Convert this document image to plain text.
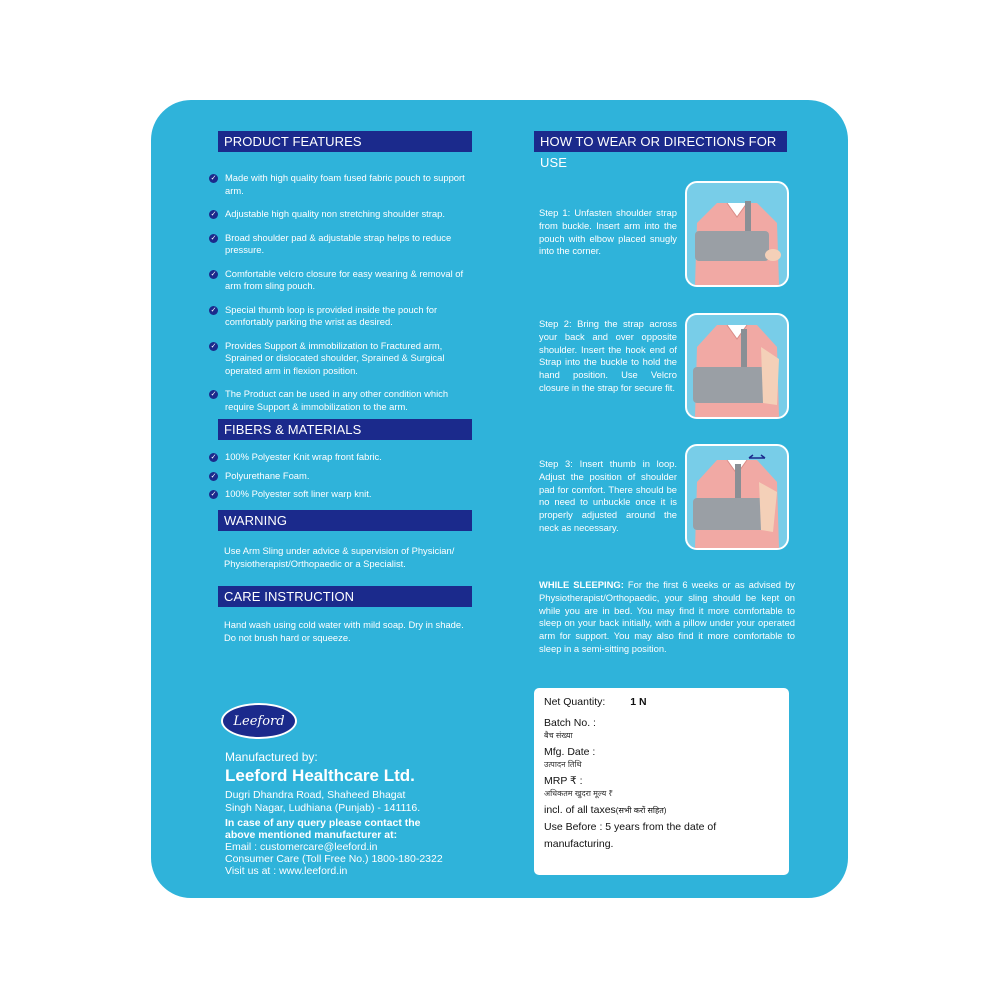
PRODUCT FEATURES
✓ Made with high quality foam fused fabric pouch to support arm.
✓ Adjustable high quality non stretching shoulder strap.
✓ Broad shoulder pad & adjustable strap helps to reduce pressure.
✓ Comfortable velcro closure for easy wearing & removal of arm from sling pouch.
✓ Special thumb loop is provided inside the pouch for comfortably parking the wrist as desired.
✓ Provides Support & immobilization to Fractured arm, Sprained or dislocated shoulder, Sprained & Surgical operated arm in flexion position.
✓ The Product can be used in any other condition which require Support & immobilization to the arm.
FIBERS & MATERIALS
✓ 100% Polyester Knit wrap front fabric.
✓ Polyurethane Foam.
✓ 100% Polyester soft liner warp knit.
WARNING
Use Arm Sling under advice & supervision of Physician/ Physiotherapist/Orthopaedic or a Specialist.
CARE INSTRUCTION
Hand wash using cold water with mild soap. Dry in shade. Do not brush hard or squeeze.
Leeford
Manufactured by:
Leeford Healthcare Ltd.
Dugri Dhandra Road, Shaheed Bhagat
Singh Nagar, Ludhiana (Punjab) - 141116.
In case of any query please contact the
above mentioned manufacturer at:
Email : customercare@leeford.in
Consumer Care (Toll Free No.) 1800-180-2322
Visit us at : www.leeford.in
HOW TO WEAR OR DIRECTIONS FOR USE
Step 1: Unfasten shoulder strap from buckle. Insert arm into the pouch with elbow placed snugly into the corner.
Step 2: Bring the strap across your back and over opposite shoulder. Insert the hook end of Strap into the buckle to hold the hand position. Use Velcro closure in the strap for secure fit.
Step 3: Insert thumb in loop. Adjust the position of shoulder pad for comfort. There should be no need to unbuckle once it is properly adjusted around the neck as necessary.
WHILE SLEEPING: For the first 6 weeks or as advised by Physiotherapist/Orthopaedic, your sling should be kept on while you are in bed. You may find it more comfortable to sleep on your back initially, with a pillow under your operated arm for support. You may also find it more comfortable to sleep in a semi-sitting position.
Net Quantity: 1 N
Batch No. :
बैच संख्या
Mfg. Date :
उत्पादन तिथि
MRP ₹ :
अधिकतम खुदरा मूल्य ₹
incl. of all taxes(सभी करों सहित)
Use Before : 5 years from the date of
manufacturing.
